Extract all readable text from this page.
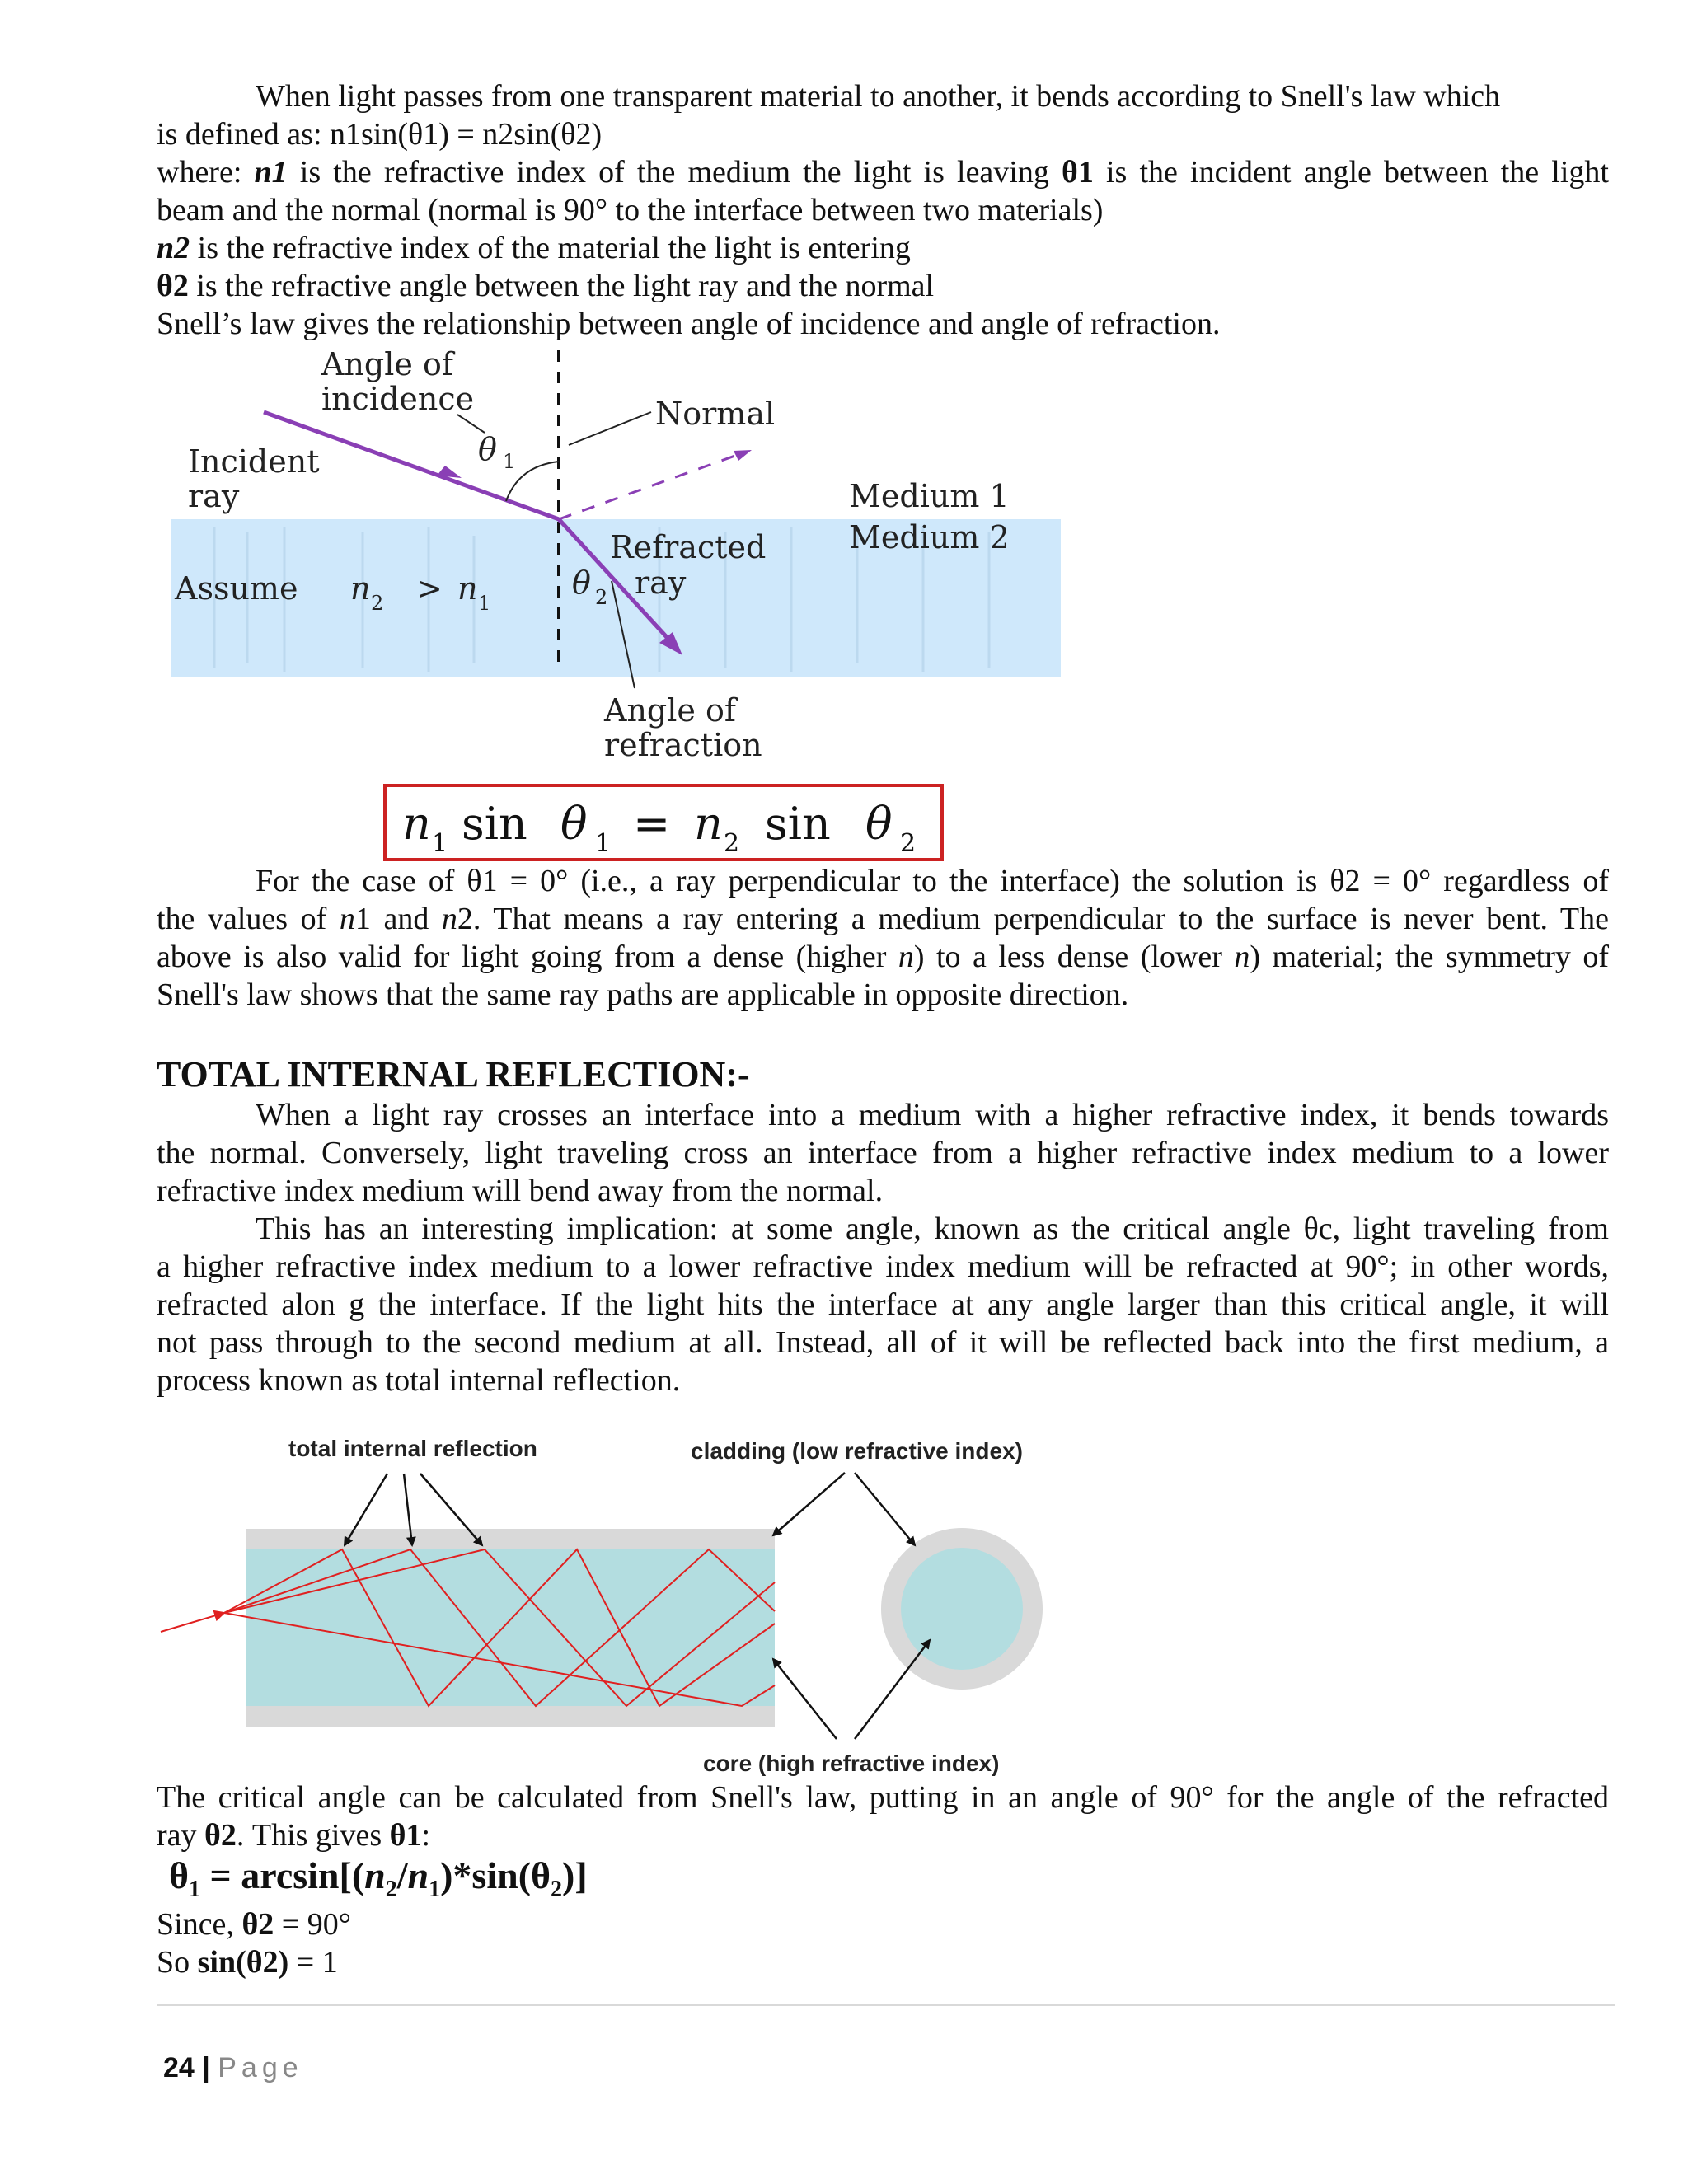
When light passes from one transparent material to another, it bends according to Snell's law which
is defined as: n1sin(θ1) = n2sin(θ2)
where: n1 is the refractive index of the medium the light is leaving θ1 is the incident angle between the light
beam and the normal (normal is 90° to the interface between two materials)
n2 is the refractive index of the material the light is entering
θ2 is the refractive angle between the light ray and the normal
Snell’s law gives the relationship between angle of incidence and angle of refraction.
Angle of
incidence	Normal
Incident
ray
θ 1
Medium 1
Medium 2
Refracted
ray
Assume n 2 > n 1
θ 2
Angle of
refraction
n 1 sin θ 1 = n 2 sin θ 2
For the case of θ1 = 0° (i.e., a ray perpendicular to the interface) the solution is θ2 = 0° regardless of
the values of n1 and n2. That means a ray entering a medium perpendicular to the surface is never bent. The
above is also valid for light going from a dense (higher n) to a less dense (lower n) material; the symmetry of
Snell's law shows that the same ray paths are applicable in opposite direction.
TOTAL INTERNAL REFLECTION:-
When a light ray crosses an interface into a medium with a higher refractive index, it bends towards
the normal. Conversely, light traveling cross an interface from a higher refractive index medium to a lower
refractive index medium will bend away from the normal.
This has an interesting implication: at some angle, known as the critical angle θc, light traveling from
a higher refractive index medium to a lower refractive index medium will be refracted at 90°; in other words,
refracted alon g the interface. If the light hits the interface at any angle larger than this critical angle, it will
not pass through to the second medium at all. Instead, all of it will be reflected back into the first medium, a
process known as total internal reflection.
total internal reflection	cladding (low refractive index)
core (high refractive index)
The critical angle can be calculated from Snell's law, putting in an angle of 90° for the angle of the refracted
ray θ2. This gives θ1:
$\theta_1 = \arcsin[(n_2/n_1)*\sin(\theta_2)]$
Since, θ2 = 90°
So sin(θ2) = 1

24 | Page
